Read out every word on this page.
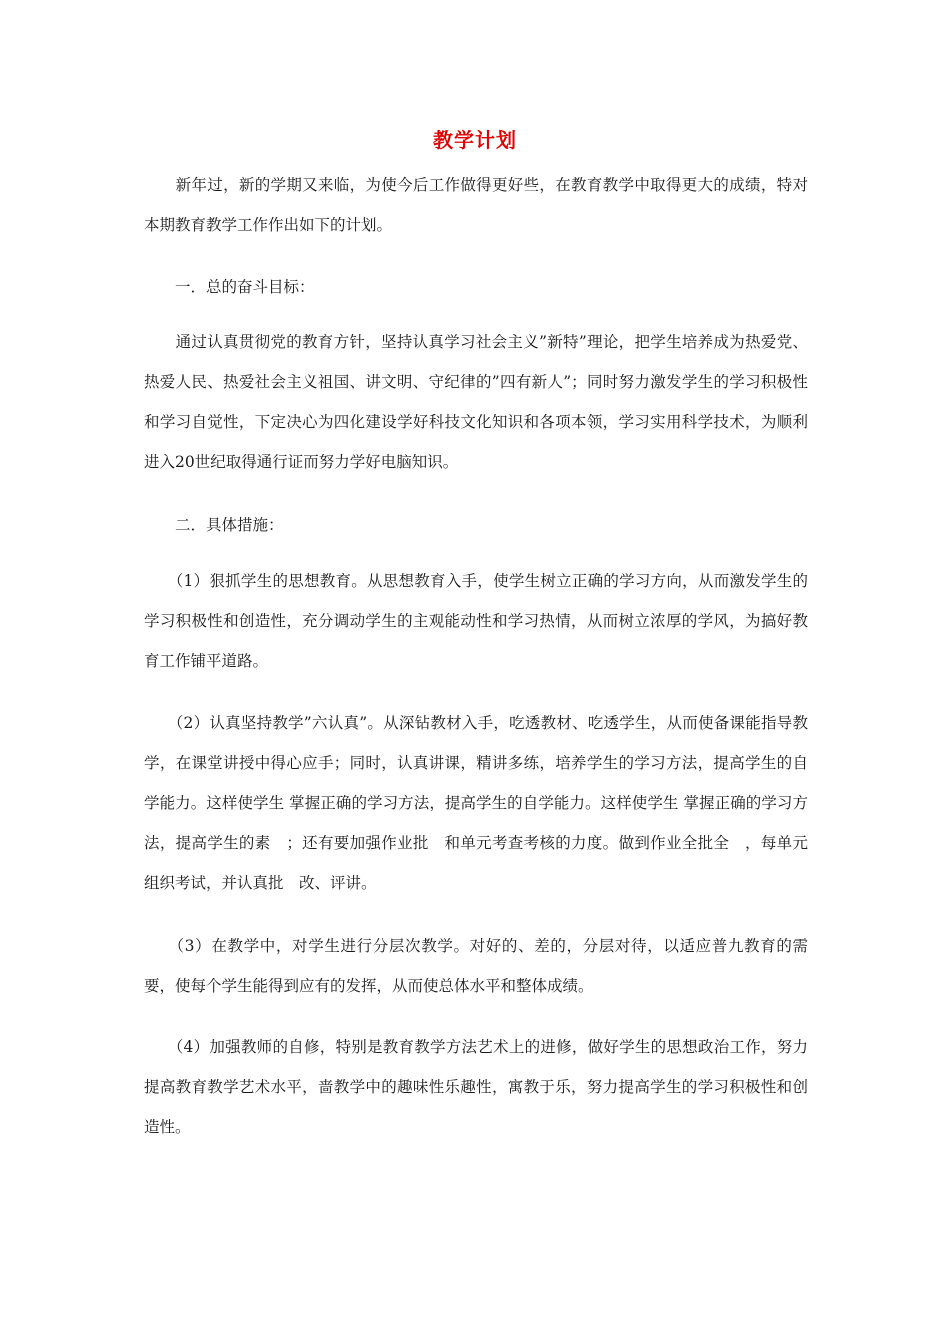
教学计划
　　新年过，新的学期又来临，为使今后工作做得更好些，在教育教学中取得更大的成绩，特对本期教育教学工作作出如下的计划。
　　一．总的奋斗目标：
　　通过认真贯彻党的教育方针，坚持认真学习社会主义”新特”理论，把学生培养成为热爱党、热爱人民、热爱社会主义祖国、讲文明、守纪律的”四有新人”；同时努力激发学生的学习积极性和学习自觉性，下定决心为四化建设学好科技文化知识和各项本领，学习实用科学技术，为顺利进入20世纪取得通行证而努力学好电脑知识。
　　二．具体措施：
　　（1）狠抓学生的思想教育。从思想教育入手，使学生树立正确的学习方向，从而激发学生的学习积极性和创造性，充分调动学生的主观能动性和学习热情，从而树立浓厚的学风，为搞好教育工作铺平道路。
　　（2）认真坚持教学”六认真”。从深钻教材入手，吃透教材、吃透学生，从而使备课能指导教学，在课堂讲授中得心应手；同时，认真讲课，精讲多练，培养学生的学习方法，提高学生的自学能力。这样使学生 掌握正确的学习方法，提高学生的自学能力。这样使学生 掌握正确的学习方法，提高学生的素　；还有要加强作业批　和单元考查考核的力度。做到作业全批全　，每单元组织考试，并认真批　改、评讲。
　　（3）在教学中，对学生进行分层次教学。对好的、差的，分层对待，以适应普九教育的需要，使每个学生能得到应有的发挥，从而使总体水平和整体成绩。
　　（4）加强教师的自修，特别是教育教学方法艺术上的进修，做好学生的思想政治工作，努力提高教育教学艺术水平，啬教学中的趣味性乐趣性，寓教于乐，努力提高学生的学习积极性和创造性。
